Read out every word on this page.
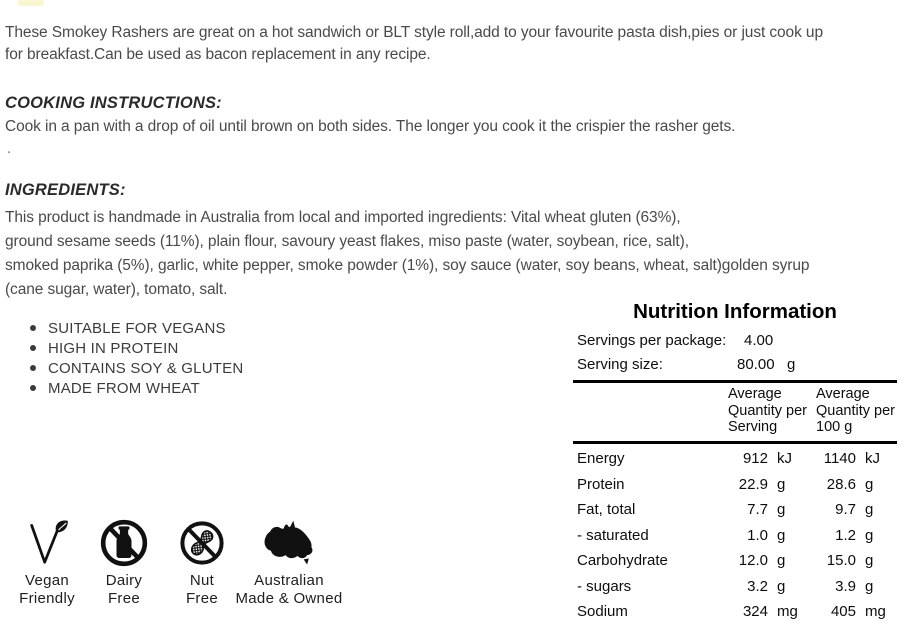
These Smokey Rashers are great on a hot sandwich or BLT style roll,add to your favourite pasta dish,pies or just cook up
for breakfast.Can be used as bacon replacement in any recipe.
COOKING INSTRUCTIONS:
Cook in a pan with a drop of oil until brown on both sides. The longer you cook it the crispier the rasher gets.
.
INGREDIENTS:
This product is handmade in Australia from local and imported ingredients: Vital wheat gluten (63%),
ground sesame seeds (11%), plain flour, savoury yeast flakes, miso paste (water, soybean, rice, salt),
smoked paprika (5%), garlic, white pepper, smoke powder (1%), soy sauce (water, soy beans, wheat, salt)golden syrup
(cane sugar, water), tomato, salt.
SUITABLE FOR VEGANS
HIGH IN PROTEIN
CONTAINS SOY & GLUTEN
MADE FROM WHEAT
Vegan
Friendly
Dairy
Free
Nut
Free
Australian
Made & Owned
Nutrition Information
Servings per package: 4.00
Serving size:	80.00 g
Average
Quantity per
Serving
Average
Quantity per
100 g
Energy	912 kJ	1140 kJ
Protein	22.9 g	28.6 g
Fat, total	7.7 g	9.7 g
- saturated	1.0 g	1.2 g
Carbohydrate	12.0 g	15.0 g
- sugars	3.2 g	3.9 g
Sodium	324 mg	405 mg
